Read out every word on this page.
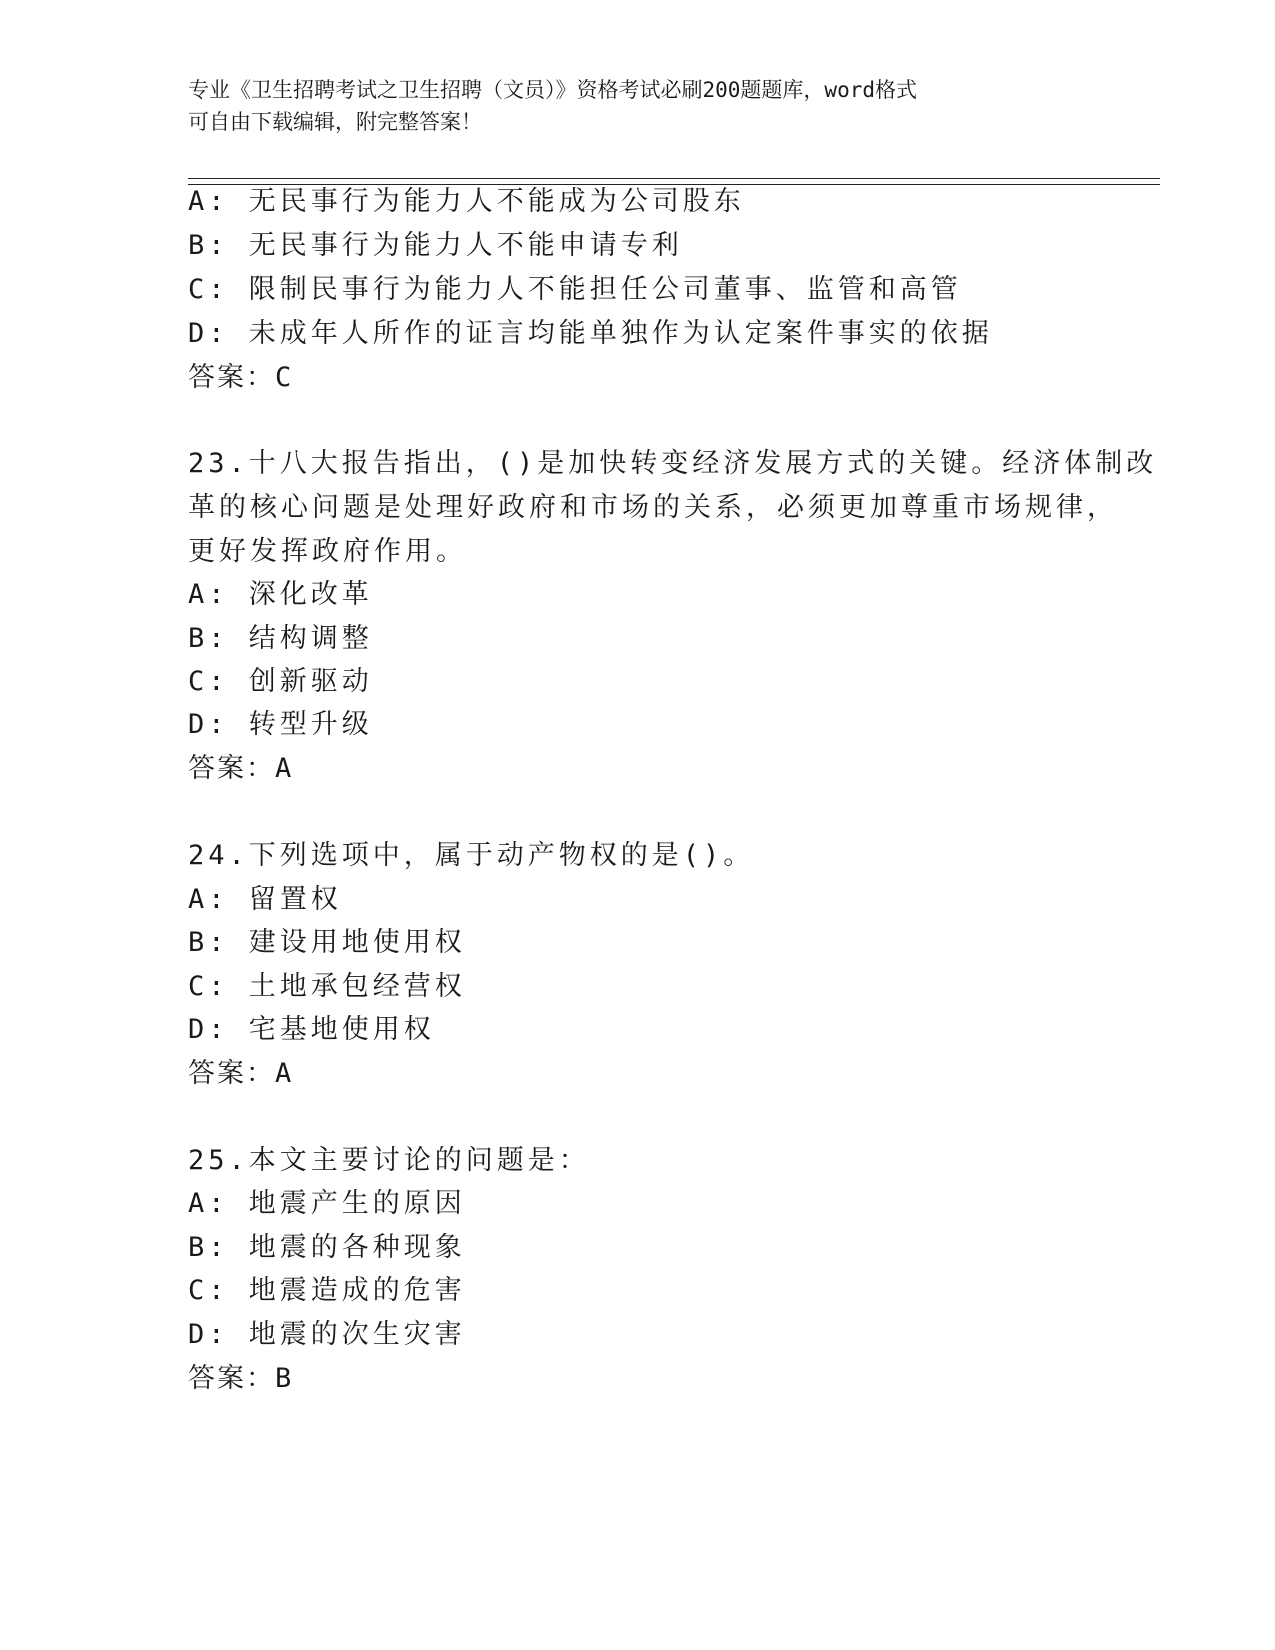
专业《卫生招聘考试之卫生招聘（文员）》资格考试必刷200题题库，word格式
可自由下载编辑，附完整答案！
A: 无民事行为能力人不能成为公司股东
B: 无民事行为能力人不能申请专利
C: 限制民事行为能力人不能担任公司董事、监管和高管
D: 未成年人所作的证言均能单独作为认定案件事实的依据
答案：C
23.十八大报告指出，()是加快转变经济发展方式的关键。经济体制改
革的核心问题是处理好政府和市场的关系，必须更加尊重市场规律，
更好发挥政府作用。
A: 深化改革
B: 结构调整
C: 创新驱动
D: 转型升级
答案：A
24.下列选项中，属于动产物权的是()。
A: 留置权
B: 建设用地使用权
C: 土地承包经营权
D: 宅基地使用权
答案：A
25.本文主要讨论的问题是：
A: 地震产生的原因
B: 地震的各种现象
C: 地震造成的危害
D: 地震的次生灾害
答案：B
